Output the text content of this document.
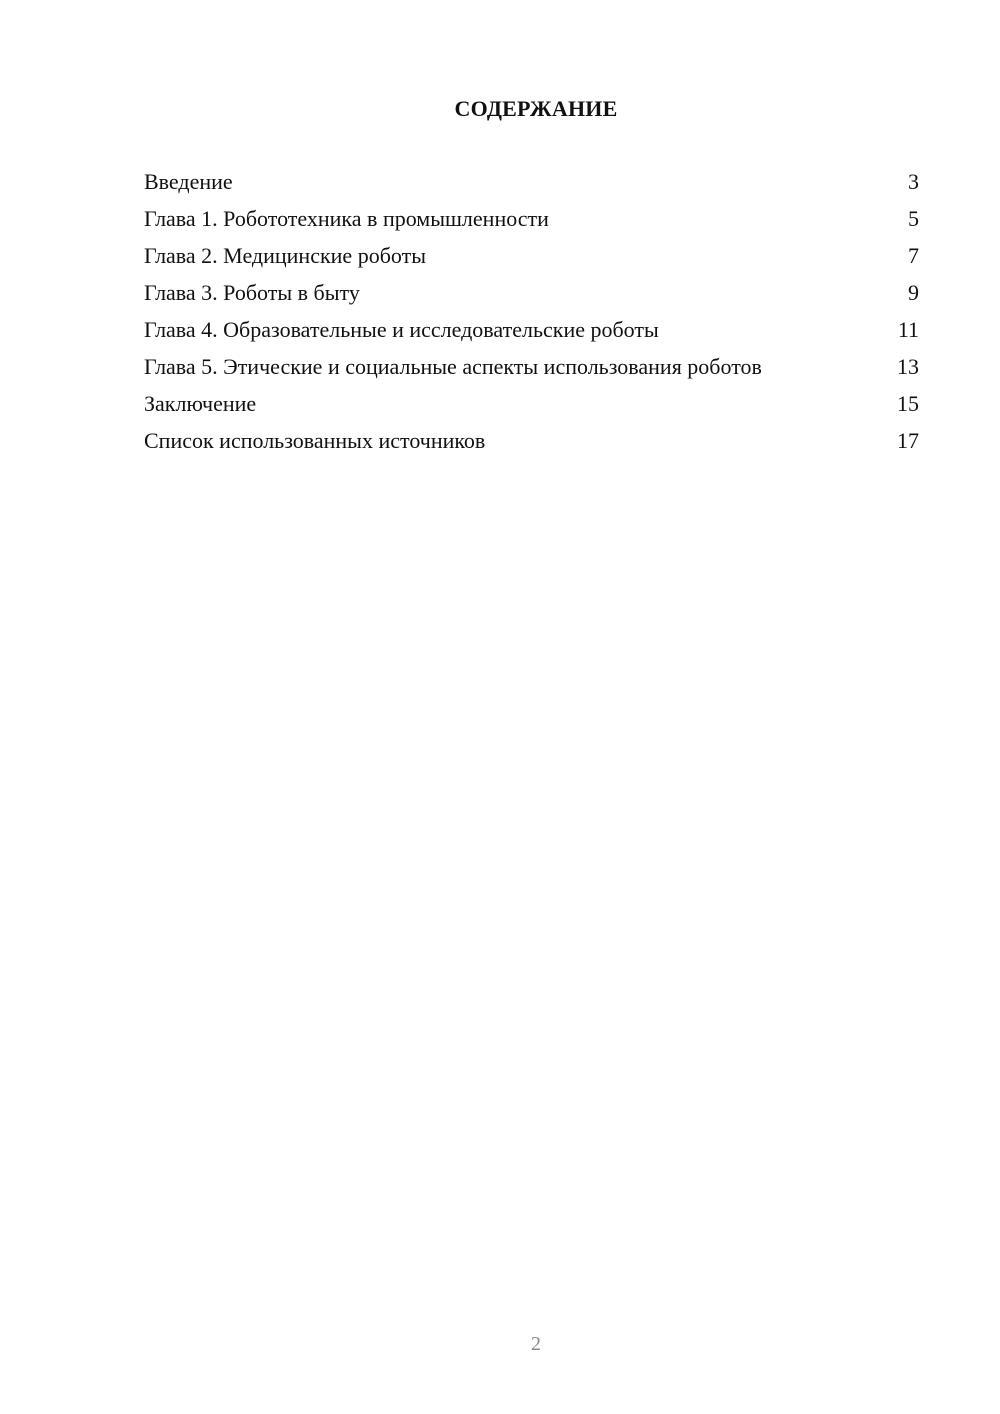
СОДЕРЖАНИЕ
Введение	3
Глава 1. Робототехника в промышленности	5
Глава 2. Медицинские роботы	7
Глава 3. Роботы в быту	9
Глава 4. Образовательные и исследовательские роботы	11
Глава 5. Этические и социальные аспекты использования роботов	13
Заключение	15
Список использованных источников	17
2
